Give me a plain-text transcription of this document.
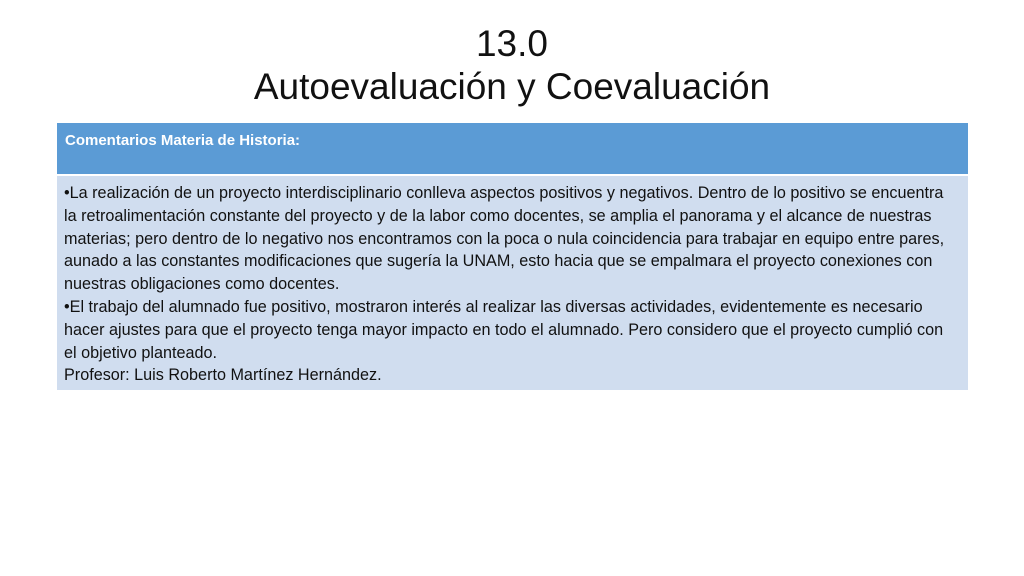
13.0
Autoevaluación y Coevaluación
Comentarios Materia de Historia:

•La realización de un proyecto interdisciplinario conlleva aspectos positivos y negativos. Dentro de lo positivo se encuentra la retroalimentación constante del proyecto y de la labor como docentes, se amplia el panorama y el alcance de nuestras materias; pero dentro de lo negativo nos encontramos con la poca o nula coincidencia para trabajar en equipo entre pares, aunado a las constantes modificaciones que sugería la UNAM, esto hacia que se empalmara el proyecto conexiones con nuestras obligaciones como docentes.

•El trabajo del alumnado fue positivo, mostraron interés al realizar las diversas actividades, evidentemente es necesario hacer ajustes para que el proyecto tenga mayor impacto en todo el alumnado. Pero considero que el proyecto cumplió con el objetivo planteado.

Profesor: Luis Roberto Martínez Hernández.
